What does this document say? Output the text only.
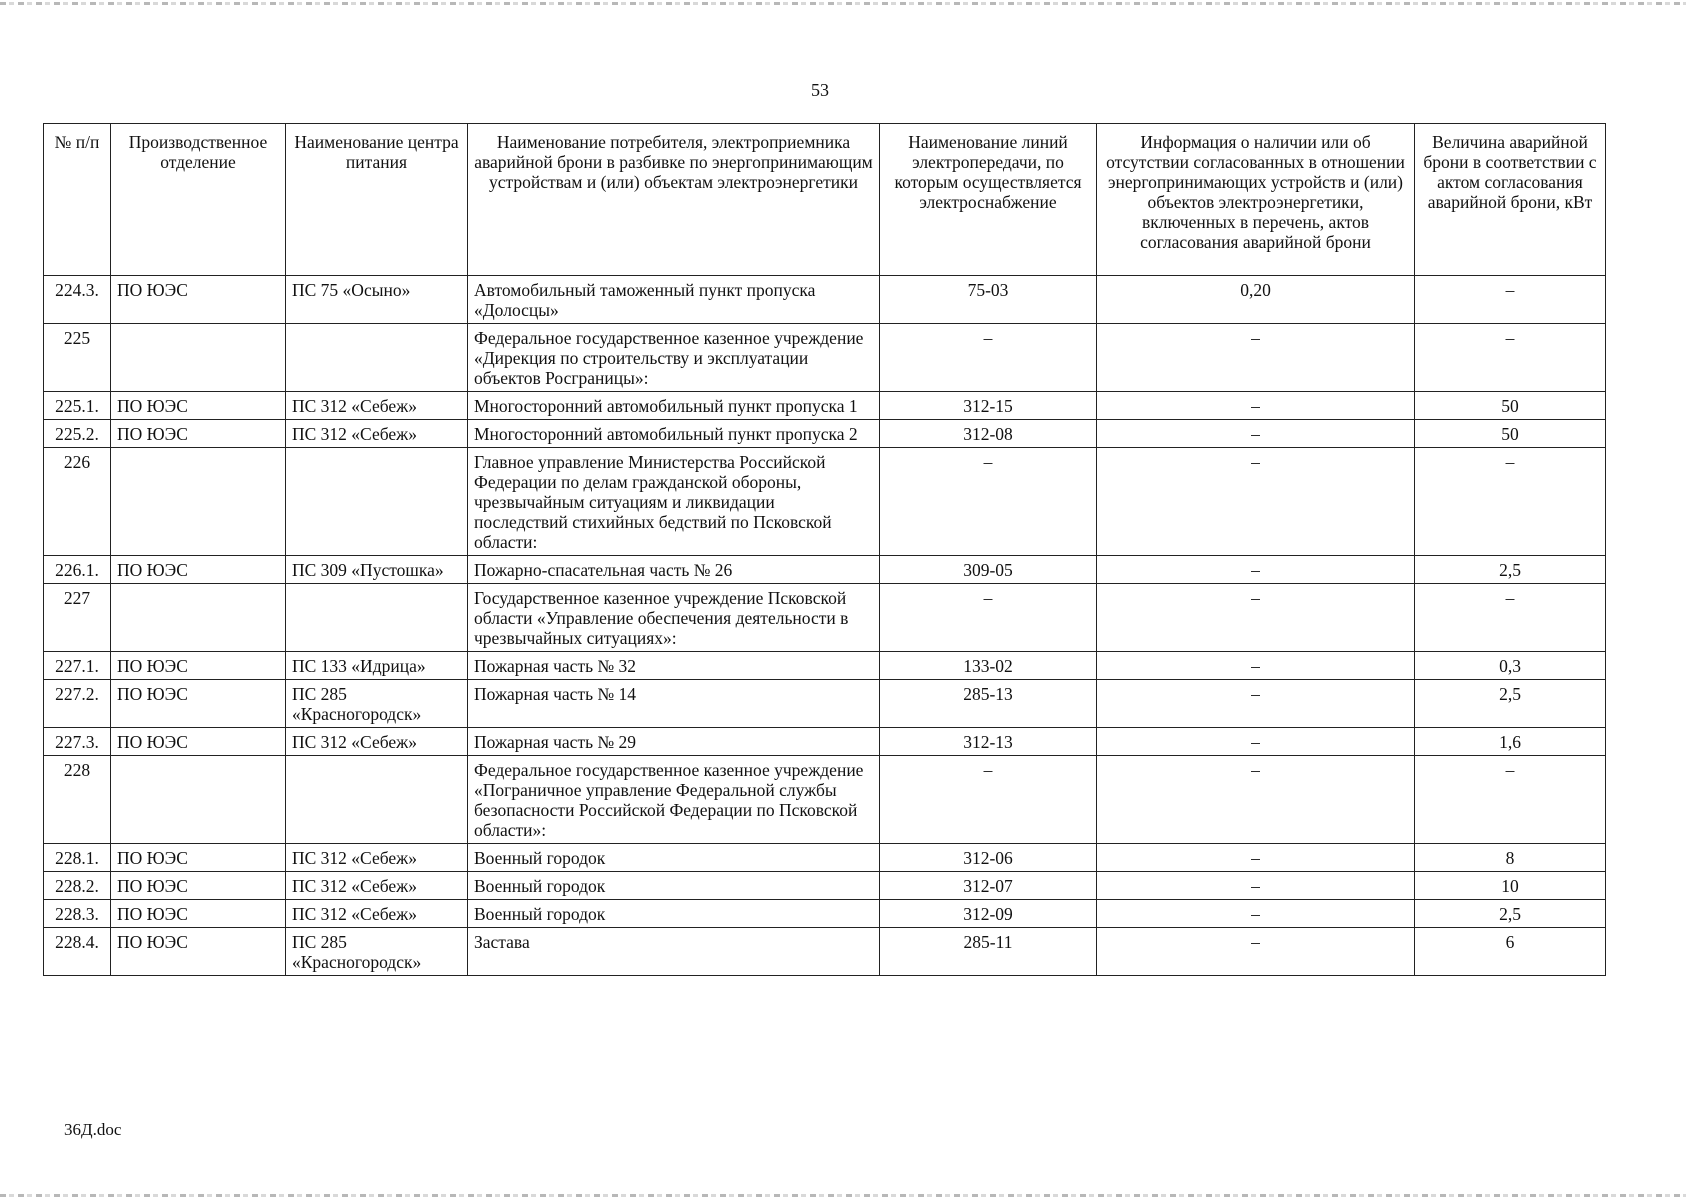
53
№ п/п	Производственное отделение	Наименование центра питания	Наименование потребителя, электроприемника аварийной брони в разбивке по энергопринимающим устройствам и (или) объектам электроэнергетики	Наименование линий электропередачи, по которым осуществляется электроснабжение	Информация о наличии или об отсутствии согласованных в отношении энергопринимающих устройств и (или) объектов электроэнергетики, включенных в перечень, актов согласования аварийной брони	Величина аварийной брони в соответствии с актом согласования аварийной брони, кВт
224.3.	ПО ЮЭС	ПС 75 «Осыно»	Автомобильный таможенный пункт пропуска «Долосцы»	75-03	0,20	–
225			Федеральное государственное казенное учреждение «Дирекция по строительству и эксплуатации объектов Росграницы»:	–	–	–
225.1.	ПО ЮЭС	ПС 312 «Себеж»	Многосторонний автомобильный пункт пропуска 1	312-15	–	50
225.2.	ПО ЮЭС	ПС 312 «Себеж»	Многосторонний автомобильный пункт пропуска 2	312-08	–	50
226			Главное управление Министерства Российской Федерации по делам гражданской обороны, чрезвычайным ситуациям и ликвидации последствий стихийных бедствий по Псковской области:	–	–	–
226.1.	ПО ЮЭС	ПС 309 «Пустошка»	Пожарно-спасательная часть № 26	309-05	–	2,5
227			Государственное казенное учреждение Псковской области «Управление обеспечения деятельности в чрезвычайных ситуациях»:	–	–	–
227.1.	ПО ЮЭС	ПС 133 «Идрица»	Пожарная часть № 32	133-02	–	0,3
227.2.	ПО ЮЭС	ПС 285 «Красногородск»	Пожарная часть № 14	285-13	–	2,5
227.3.	ПО ЮЭС	ПС 312 «Себеж»	Пожарная часть № 29	312-13	–	1,6
228			Федеральное государственное казенное учреждение «Пограничное управление Федеральной службы безопасности Российской Федерации по Псковской области»:	–	–	–
228.1.	ПО ЮЭС	ПС 312 «Себеж»	Военный городок	312-06	–	8
228.2.	ПО ЮЭС	ПС 312 «Себеж»	Военный городок	312-07	–	10
228.3.	ПО ЮЭС	ПС 312 «Себеж»	Военный городок	312-09	–	2,5
228.4.	ПО ЮЭС	ПС 285 «Красногородск»	Застава	285-11	–	6
36Д.doc
